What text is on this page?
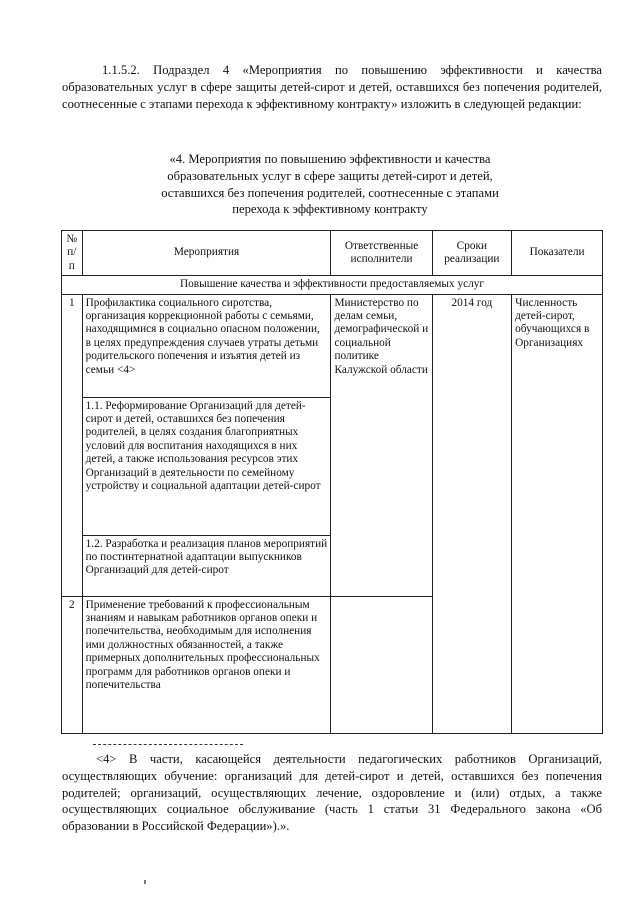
1.1.5.2. Подраздел 4 «Мероприятия по повышению эффективности и качества образовательных услуг в сфере защиты детей-сирот и детей, оставшихся без попечения родителей, соотнесенные с этапами перехода к эффективному контракту» изложить в следующей редакции:

«4. Мероприятия по повышению эффективности и качества
образовательных услуг в сфере защиты детей-сирот и детей,
оставшихся без попечения родителей, соотнесенные с этапами
перехода к эффективному контракту
№ п/п	Мероприятия	Ответственные исполнители	Сроки реализации	Показатели
Повышение качества и эффективности предоставляемых услуг				
1	Профилактика социального сиротства, организация коррекционной работы с семьями, находящимися в социально опасном положении, в целях предупреждения случаев утраты детьми родительского попечения и изъятия детей из семьи <4>	Министерство по делам семьи, демографической и социальной политике Калужской области	2014 год	Численность детей-сирот, обучающихся в Организациях
	1.1. Реформирование Организаций для детей-сирот и детей, оставшихся без попечения родителей, в целях создания благоприятных условий для воспитания находящихся в них детей, а также использования ресурсов этих Организаций в деятельности по семейному устройству и социальной адаптации детей-сирот			
	1.2. Разработка и реализация планов мероприятий по постинтернатной адаптации выпускников Организаций для детей-сирот			
2	Применение требований к профессиональным знаниям и навыкам работников органов опеки и попечительства, необходимым для исполнения ими должностных обязанностей, а также примерных дополнительных профессиональных программ для работников органов опеки и попечительства			

<4> В части, касающейся деятельности педагогических работников Организаций, осуществляющих обучение: организаций для детей-сирот и детей, оставшихся без попечения родителей; организаций, осуществляющих лечение, оздоровление и (или) отдых, а также осуществляющих социальное обслуживание (часть 1 статьи 31 Федерального закона «Об образовании в Российской Федерации»).».
